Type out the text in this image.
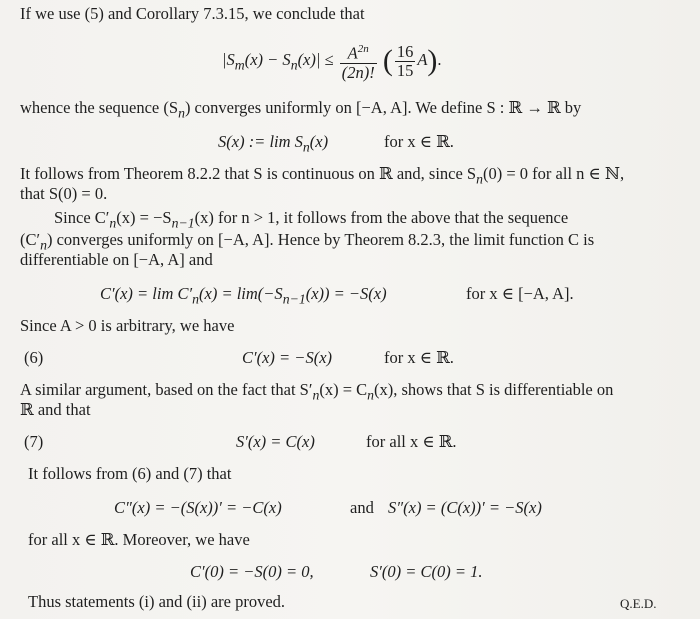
If we use (5) and Corollary 7.3.15, we conclude that
$|S_m(x) - S_n(x)| \le \frac{A^{2n}}{(2n)!}$ ( $\frac{16}{15} A$).
whence the sequence $(S_n)$ converges uniformly on [−A, A]. We define S : ℝ → ℝ by
S(x) := $\lim S_n(x)$	for x ∈ ℝ.
It follows from Theorem 8.2.2 that S is continuous on ℝ and, since $S_n(0) = 0$ for all n ∈ ℕ,
that S(0) = 0.
Since $C'_n(x) = -S_{n-1}(x)$ for n > 1, it follows from the above that the sequence
$(C'_n)$ converges uniformly on [−A, A]. Hence by Theorem 8.2.3, the limit function C is
differentiable on [−A, A] and
$C'(x) = \lim C'_n(x) = \lim(-S_{n-1}(x)) = -S(x)$	for x ∈ [−A, A].
Since A > 0 is arbitrary, we have
(6)	C′(x) = −S(x)	for x ∈ ℝ.
A similar argument, based on the fact that $S'_n(x) = C_n(x)$, shows that S is differentiable on
ℝ and that
(7)	S′(x) = C(x)	for all x ∈ ℝ.
It follows from (6) and (7) that
C″(x) = −(S(x))′ = −C(x)	and S″(x) = (C(x))′ = −S(x)
for all x ∈ ℝ. Moreover, we have
C′(0) = −S(0) = 0,	S′(0) = C(0) = 1.
Thus statements (i) and (ii) are proved.	Q.E.D.
